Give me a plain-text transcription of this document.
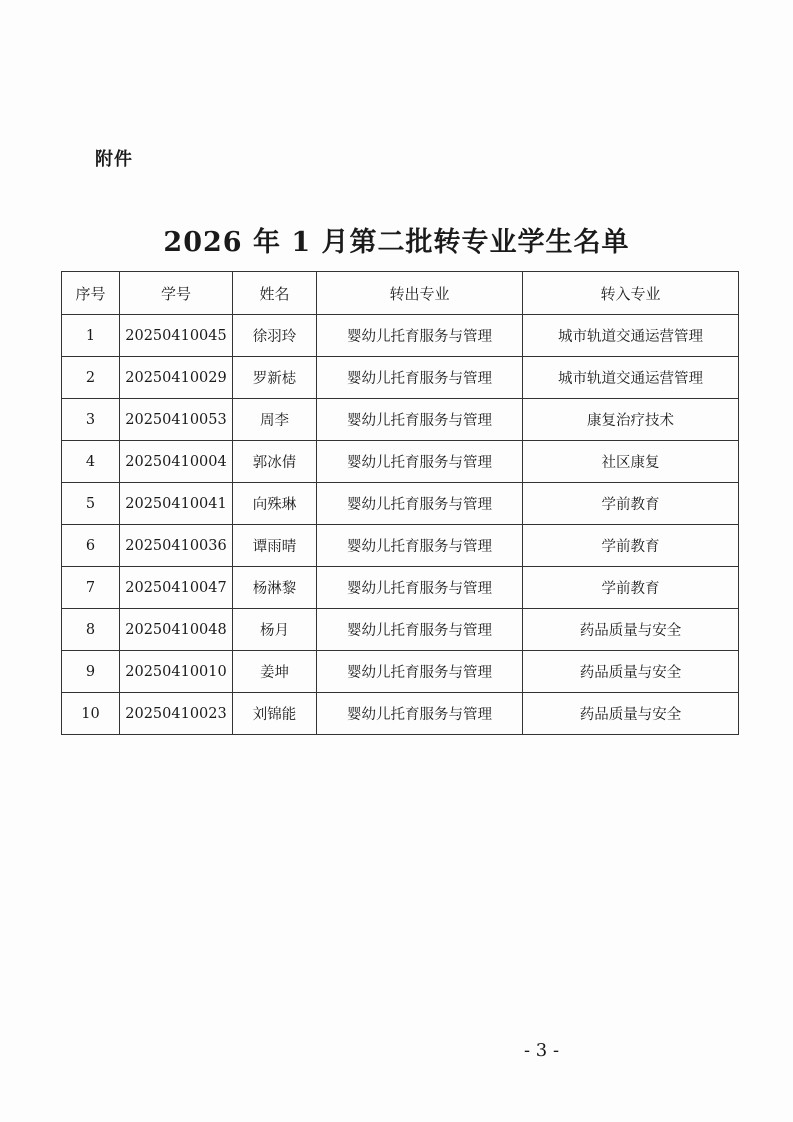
附件
2026 年 1 月第二批转专业学生名单
序号	学号	姓名	转出专业	转入专业
1	20250410045	徐羽玲	婴幼儿托育服务与管理	城市轨道交通运营管理
2	20250410029	罗新梽	婴幼儿托育服务与管理	城市轨道交通运营管理
3	20250410053	周李	婴幼儿托育服务与管理	康复治疗技术
4	20250410004	郭冰倩	婴幼儿托育服务与管理	社区康复
5	20250410041	向殊琳	婴幼儿托育服务与管理	学前教育
6	20250410036	谭雨晴	婴幼儿托育服务与管理	学前教育
7	20250410047	杨淋黎	婴幼儿托育服务与管理	学前教育
8	20250410048	杨月	婴幼儿托育服务与管理	药品质量与安全
9	20250410010	姜坤	婴幼儿托育服务与管理	药品质量与安全
10	20250410023	刘锦能	婴幼儿托育服务与管理	药品质量与安全
- 3 -
